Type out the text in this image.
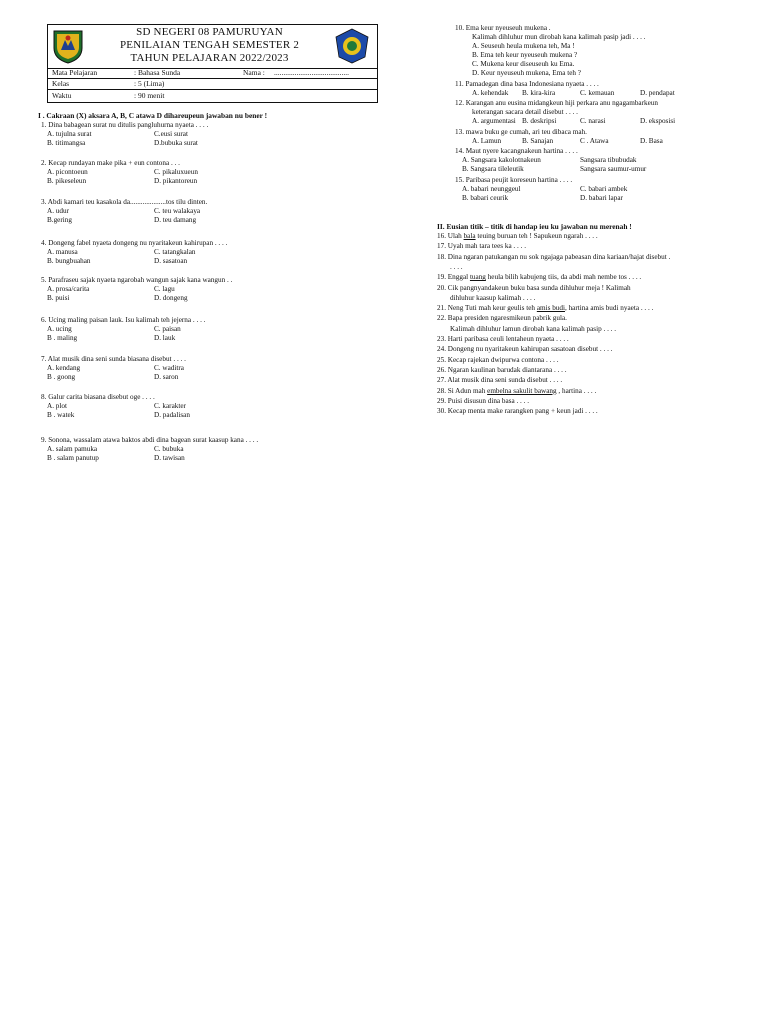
SD NEGERI 08 PAMURUYAN
PENILAIAN TENGAH SEMESTER 2
TAHUN PELAJARAN 2022/2023
Mata Pelajaran	: Bahasa Sunda	Nama : ........................................
Kelas	: 5 (Lima)
Waktu	: 90 menit
I . Cakraan (X) aksara A, B, C atawa D dihareupeun jawaban nu bener !
1. Dina babagean surat nu ditulis pangluhurna nyaeta . . . .
A. tujulna surat	C.eusi surat
B. titimangsa	D.bubuka surat
2. Kecap rundayan make pika + eun contona . . .
A. picontoeun	C. pikaluxueun
B. pikeseleun	D. pikantoreun
3. Abdi kamari teu kasakola da....................tos tilu dinten.
A. udur	C. teu walakaya
B.gering	D. teu damang
4. Dongeng fabel nyaeta dongeng nu nyaritakeun kahirupan . . . .
A. manusa	C. tatangkalan
B. bungbuahan	D. sasatoan
5. Parafraseu sajak nyaeta ngarobah wangun sajak kana wangun . .
A. prosa/carita	C. lagu
B. puisi	D. dongeng
6. Ucing maling paisan lauk. Isu kalimah teh jejerna . . . .
A. ucing	C. paisan
B . maling	D. lauk
7. Alat musik dina seni sunda biasana disebut . . . .
A. kendang	C. waditra
B . goong	D. saron
8. Galur carita biasana disebut oge . . . .
A. plot	C. karakter
B . watek	D. padalisan
9. Sonona, wassalam atawa baktos abdi dina bagean surat kaasup kana . . . .
A. salam pamuka	C. bubuka
B . salam panutup	D. tawisan
10. Ema keur nyeuseuh mukena .
Kalimah dihluhur mun dirobah kana kalimah pasip jadi . . . .
A. Seuseuh heula mukena teh, Ma !
B. Ema teh keur nyeuseuh mukena ?
C. Mukena keur diseuseuh ku Ema.
D. Keur nyeuseuh mukena, Ema teh ?
11. Pamadegan dina basa Indonesiana nyaeta . . . .
A. kehendak B. kira-kira	C. kemauan	D. pendapat
12. Karangan anu eusina midangkeun hiji perkara anu ngagambarkeun
keterangan sacara detail disebut . . . .
A. argumentasi B. deskripsi	C. narasi	D. eksposisi
13. mawa buku ge cumah, ari teu dibaca mah.
A. Lamun	B. Sanajan	C . Atawa	D. Basa
14. Maut nyere kacangnakeun hartina . . . .
A. Sangsara kakolotnakeun	Sangsara tibubudak
B. Sangsara tileleutik	Sangsara saumur-umur
15. Paribasa peujit koreseun hartina . . . .
A. babari neunggeul	C. babari ambek
B. babari ceurik	D. babari lapar
II. Eusian titik – titik di handap ieu ku jawaban nu merenah !
16. Ulah bala teuing buruan teh ! Sapukeun ngarah . . . .
17. Uyah mah tara tees ka . . . .
18. Dina ngaran patukangan nu sok ngajaga pabeasan dina kariaan/hajat disebut .
. . . .
19. Enggal tuang heula bilih kabujeng tiis, da abdi mah nembe tos . . . .
20. Cik pangnyandakeun buku basa sunda dihluhur meja ! Kalimah
dihluhur kaasup kalimah . . . .
21. Neng Tuti mah keur geulis teh amis budi, hartina amis budi nyaeta . . . .
22. Bapa presiden ngaresmikeun pabrik gula.
Kalimah dihluhur lamun dirobah kana kalimah pasip . . . .
23. Harti paribasa ceuli lentaheun nyaeta . . . .
24. Dongeng nu nyaritakeun kahirupan sasatoan disebut . . . .
25. Kecap rajekan dwipurwa contona . . . .
26. Ngaran kaulinan barudak diantarana . . . .
27. Alat musik dina seni sunda disebut . . . .
28. Si Adun mah embelna sakulit bawang , hartina . . . .
29. Puisi disusun dina basa . . . .
30. Kecap menta make rarangken pang + keun jadi . . . .
